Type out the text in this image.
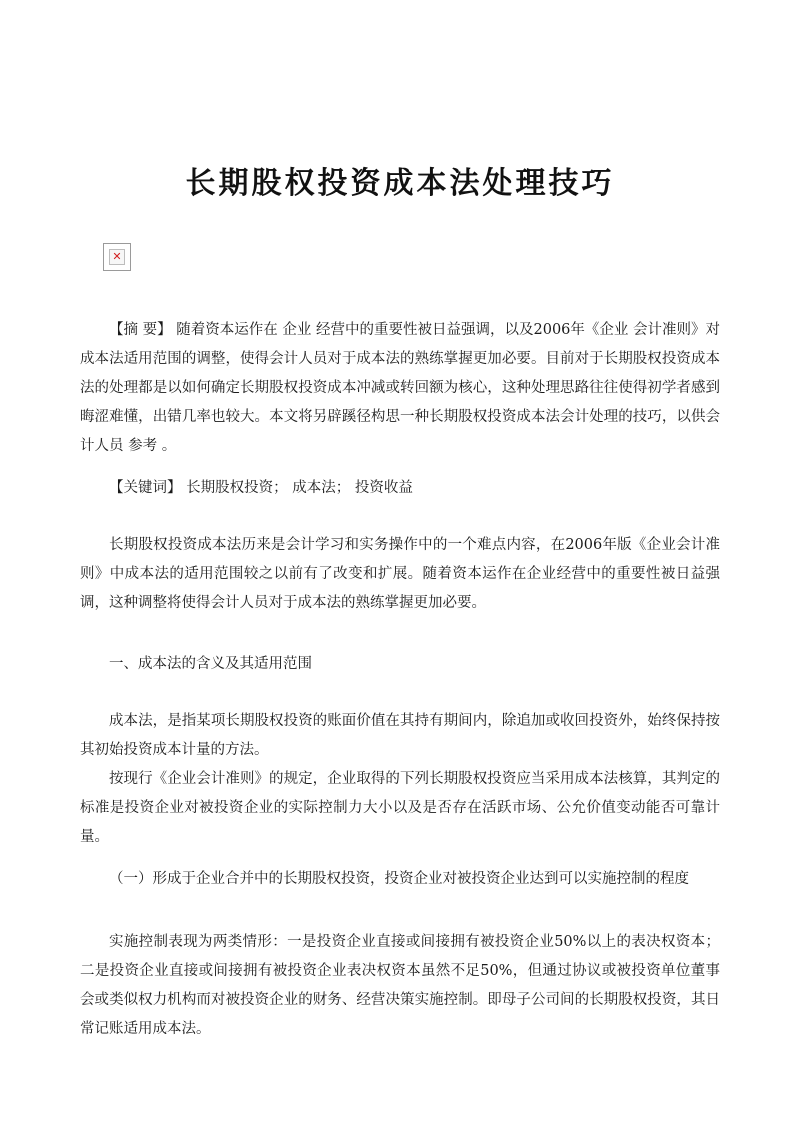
长期股权投资成本法处理技巧
✕

【摘 要】 随着资本运作在 企业 经营中的重要性被日益强调，以及2006年《企业 会计准则》对成本法适用范围的调整，使得会计人员对于成本法的熟练掌握更加必要。目前对于长期股权投资成本法的处理都是以如何确定长期股权投资成本冲减或转回额为核心，这种处理思路往往使得初学者感到晦涩难懂，出错几率也较大。本文将另辟蹊径构思一种长期股权投资成本法会计处理的技巧，以供会计人员 参考 。

【关键词】 长期股权投资； 成本法； 投资收益

长期股权投资成本法历来是会计学习和实务操作中的一个难点内容，在2006年版《企业会计准则》中成本法的适用范围较之以前有了改变和扩展。随着资本运作在企业经营中的重要性被日益强调，这种调整将使得会计人员对于成本法的熟练掌握更加必要。

一、成本法的含义及其适用范围

成本法，是指某项长期股权投资的账面价值在其持有期间内，除追加或收回投资外，始终保持按其初始投资成本计量的方法。

按现行《企业会计准则》的规定，企业取得的下列长期股权投资应当采用成本法核算，其判定的标准是投资企业对被投资企业的实际控制力大小以及是否存在活跃市场、公允价值变动能否可靠计量。

（一）形成于企业合并中的长期股权投资，投资企业对被投资企业达到可以实施控制的程度

实施控制表现为两类情形：一是投资企业直接或间接拥有被投资企业50%以上的表决权资本；二是投资企业直接或间接拥有被投资企业表决权资本虽然不足50%，但通过协议或被投资单位董事会或类似权力机构而对被投资企业的财务、经营决策实施控制。即母子公司间的长期股权投资，其日常记账适用成本法。
